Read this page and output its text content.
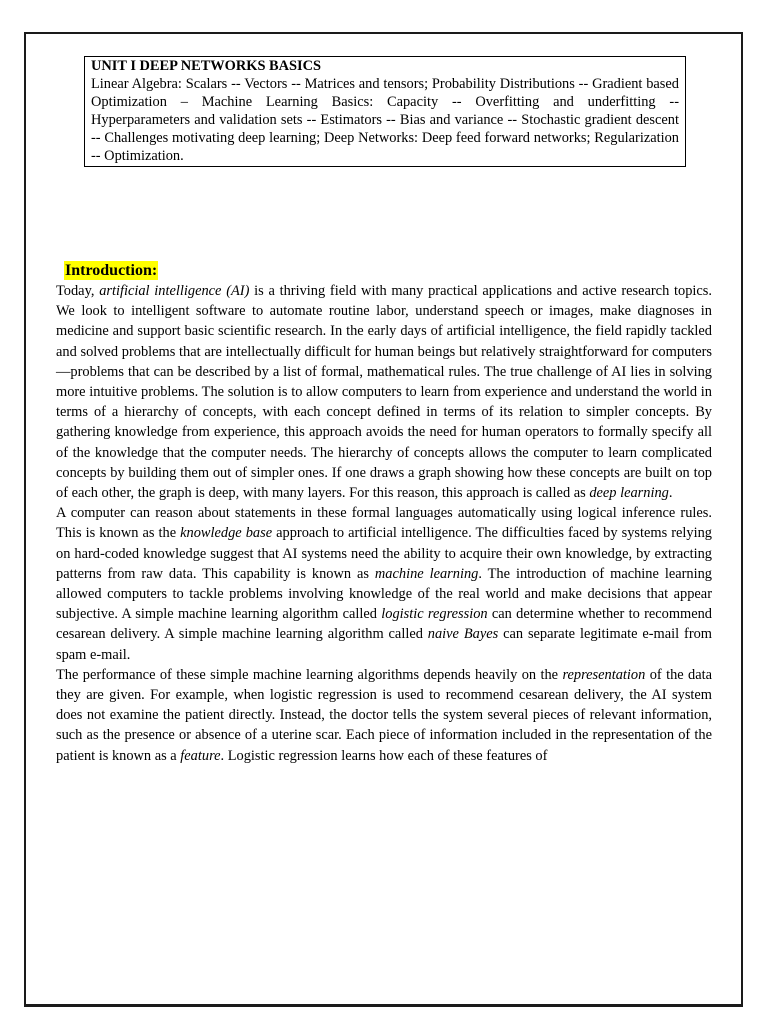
UNIT I DEEP NETWORKS BASICS

Linear Algebra: Scalars -- Vectors -- Matrices and tensors; Probability Distributions -- Gradient based Optimization – Machine Learning Basics: Capacity -- Overfitting and underfitting -- Hyperparameters and validation sets -- Estimators -- Bias and variance -- Stochastic gradient descent -- Challenges motivating deep learning; Deep Networks: Deep feed forward networks; Regularization -- Optimization.

Introduction:

Today, artificial intelligence (AI) is a thriving field with many practical applications and active research topics. We look to intelligent software to automate routine labor, understand speech or images, make diagnoses in medicine and support basic scientific research. In the early days of artificial intelligence, the field rapidly tackled and solved problems that are intellectually difficult for human beings but relatively straightforward for computers—problems that can be described by a list of formal, mathematical rules. The true challenge of AI lies in solving more intuitive problems. The solution is to allow computers to learn from experience and understand the world in terms of a hierarchy of concepts, with each concept defined in terms of its relation to simpler concepts. By gathering knowledge from experience, this approach avoids the need for human operators to formally specify all of the knowledge that the computer needs. The hierarchy of concepts allows the computer to learn complicated concepts by building them out of simpler ones. If one draws a graph showing how these concepts are built on top of each other, the graph is deep, with many layers. For this reason, this approach is called as deep learning.

A computer can reason about statements in these formal languages automatically using logical inference rules. This is known as the knowledge base approach to artificial intelligence. The difficulties faced by systems relying on hard-coded knowledge suggest that AI systems need the ability to acquire their own knowledge, by extracting patterns from raw data. This capability is known as machine learning. The introduction of machine learning allowed computers to tackle problems involving knowledge of the real world and make decisions that appear subjective. A simple machine learning algorithm called logistic regression can determine whether to recommend cesarean delivery. A simple machine learning algorithm called naive Bayes can separate legitimate e-mail from spam e-mail.

The performance of these simple machine learning algorithms depends heavily on the representation of the data they are given. For example, when logistic regression is used to recommend cesarean delivery, the AI system does not examine the patient directly. Instead, the doctor tells the system several pieces of relevant information, such as the presence or absence of a uterine scar. Each piece of information included in the representation of the patient is known as a feature. Logistic regression learns how each of these features of
